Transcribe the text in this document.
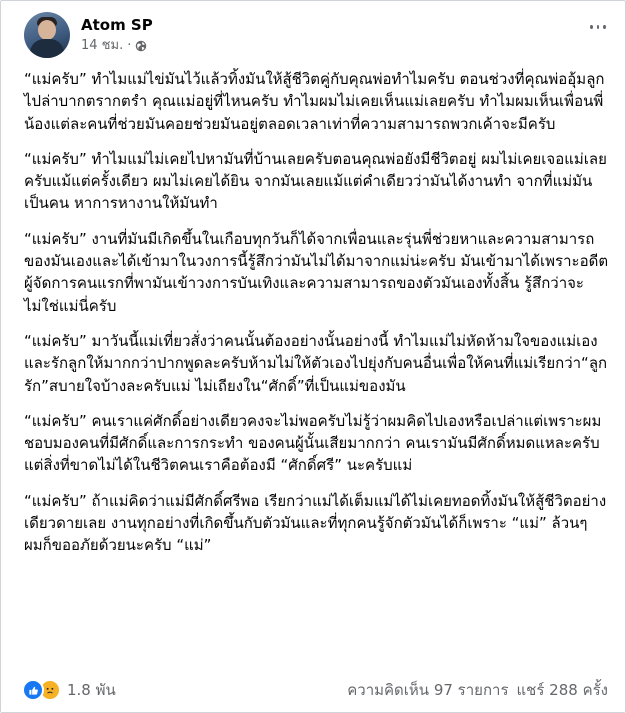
Atom SP
14 ชม. ·

“แม่ครับ” ทำไมแม่ไข่มันไว้แล้วทิ้งมันให้สู้ชีวิตคู่กับคุณพ่อทำไมครับ ตอนช่วงที่คุณพ่ออุ้มลูกไปล่าบากตรากตรำ คุณแม่อยู่ที่ไหนครับ ทำไมผมไม่เคยเห็นแม่เลยครับ ทำไมผมเห็นเพื่อนพี่น้องแต่ละคนที่ช่วยมันคอยช่วยมันอยู่ตลอดเวลาเท่าที่ความสามารถพวกเค้าจะมีครับ

“แม่ครับ” ทำไมแม่ไม่เคยไปหามันที่บ้านเลยครับตอนคุณพ่อยังมีชีวิตอยู่ ผมไม่เคยเจอแม่เลยครับแม้แต่ครั้งเดียว ผมไม่เคยได้ยิน จากมันเลยแม้แต่คำเดียวว่ามันได้งานทำ จากที่แม่มันเป็นคน หาการหางานให้มันทำ

“แม่ครับ” งานที่มันมีเกิดขึ้นในเกือบทุกวันก็ได้จากเพื่อนและรุ่นพี่ช่วยหาและความสามารถของมันเองและได้เข้ามาในวงการนี้รู้สึกว่ามันไม่ได้มาจากแม่น่ะครับ มันเข้ามาได้เพราะอดีตผู้จัดการคนแรกที่พามันเข้าวงการบันเทิงและความสามารถของตัวมันเองทั้งสิ้น รู้สึกว่าจะไม่ใช่แม่นี่ครับ

“แม่ครับ” มาวันนี้แม่เที่ยวสั่งว่าคนนั้นต้องอย่างนั้นอย่างนี้ ทำไมแม่ไม่หัดห้ามใจของแม่เอง และรักลูกให้มากกว่าปากพูดละครับห้ามไม่ให้ตัวเองไปยุ่งกับคนอื่นเพื่อให้คนที่แม่เรียกว่า“ลูกรัก”สบายใจบ้างละครับแม่ ไม่เถียงใน“ศักดิ์”ที่เป็นแม่ของมัน

“แม่ครับ” คนเราแค่ศักดิ์อย่างเดียวคงจะไม่พอครับไม่รู้ว่าผมคิดไปเองหรือเปล่าแต่เพราะผมชอบมองคนที่มีศักดิ์และการกระทำ ของคนผู้นั้นเสียมากกว่า คนเรามันมีศักดิ์หมดแหละครับ แต่สิ่งที่ขาดไม่ได้ในชีวิตคนเราคือต้องมี “ศักดิ์ศรี” นะครับแม่

“แม่ครับ” ถ้าแม่คิดว่าแม่มีศักดิ์ศรีพอ เรียกว่าแม่ได้เต็มแม่ได้ไม่เคยทอดทิ้งมันให้สู้ชีวิตอย่างเดียวดายเลย งานทุกอย่างที่เกิดขึ้นกับตัวมันและที่ทุกคนรู้จักตัวมันได้ก็เพราะ “แม่” ล้วนๆ ผมก็ขออภัยด้วยนะครับ “แม่”

1.8 พัน	ความคิดเห็น 97 รายการ แชร์ 288 ครั้ง
